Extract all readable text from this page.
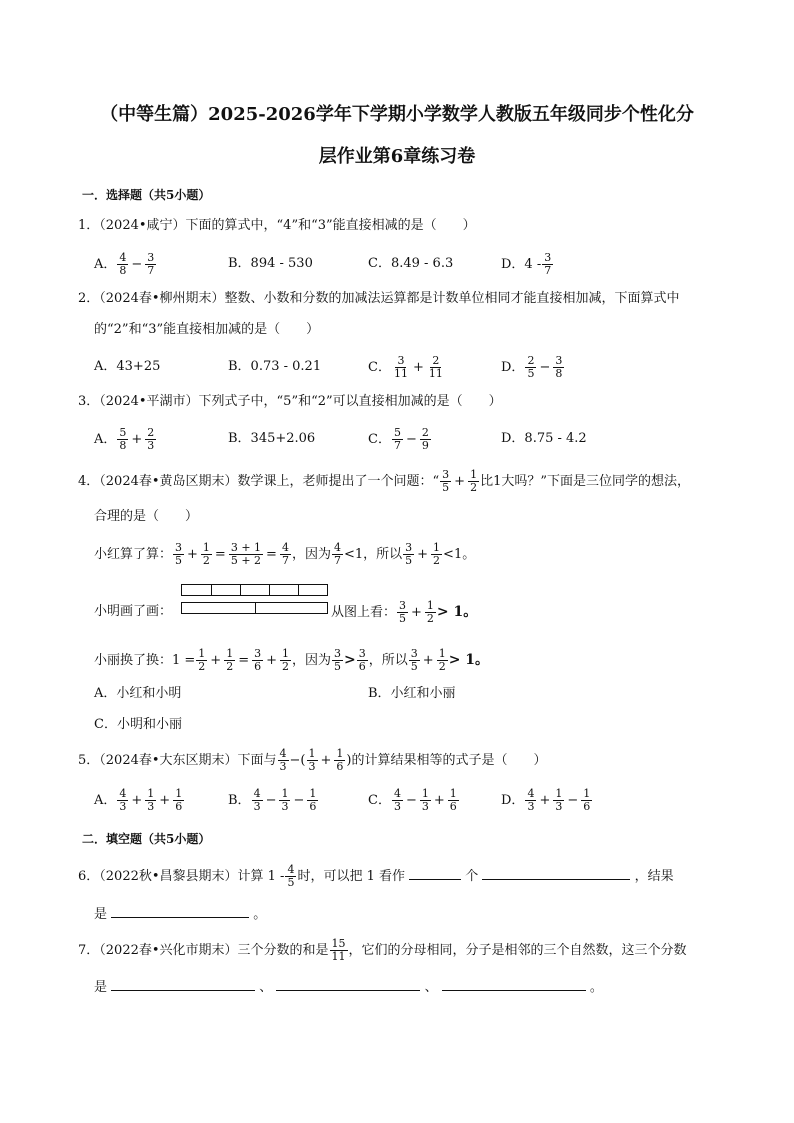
（中等生篇）2025-2026学年下学期小学数学人教版五年级同步个性化分
层作业第6章练习卷
一．选择题（共5小题）
1．（2024•咸宁）下面的算式中，“4”和“3”能直接相减的是（　　）
A． $\frac{4}{8} - \frac{3}{7}$	B．894 - 530	C．8.49 - 6.3	D．$4 - \frac{3}{7}$
2．（2024春•柳州期末）整数、小数和分数的加减法运算都是计数单位相同才能直接相加减，下面算式中
的“2”和“3”能直接相加减的是（　　）
A．43+25	B．0.73 - 0.21	C． $\frac{3}{11} + \frac{2}{11}$	D． $\frac{2}{5} - \frac{3}{8}$
3．（2024•平湖市）下列式子中，“5”和“2”可以直接相加减的是（　　）
A． $\frac{5}{8} + \frac{2}{3}$	B．345+2.06	C． $\frac{5}{7} - \frac{2}{9}$	D．8.75 - 4.2
4．（2024春•黄岛区期末）数学课上，老师提出了一个问题：“ $\frac{3}{5} + \frac{1}{2}$ 比1大吗？”下面是三位同学的想法，
合理的是（　　）
小红算了算： $\frac{3}{5} + \frac{1}{2} = \frac{3 + 1}{5 + 2} = \frac{4}{7}$ ，因为 $\frac{4}{7} <1$，所以 $\frac{3}{5} + \frac{1}{2} <1$。
小明画了画：	从图上看： $\frac{3}{5} + \frac{1}{2} > 1$。
小丽换了换：$1 = \frac{1}{2} + \frac{1}{2} = \frac{3}{6} + \frac{1}{2}$ ，因为 $\frac{3}{5} > \frac{3}{6}$ ，所以 $\frac{3}{5} + \frac{1}{2} > 1$。
A．小红和小明	B．小红和小丽
C．小明和小丽
5．（2024春•大东区期末）下面与 $\frac{4}{3}$ −( $\frac{1}{3} + \frac{1}{6}$ )的计算结果相等的式子是（　　）
A． $\frac{4}{3} + \frac{1}{3} + \frac{1}{6}$	B． $\frac{4}{3} - \frac{1}{3} - \frac{1}{6}$	C． $\frac{4}{3} - \frac{1}{3} + \frac{1}{6}$	D． $\frac{4}{3} + \frac{1}{3} - \frac{1}{6}$
二．填空题（共5小题）
6．（2022秋•昌黎县期末）计算 $1 - \frac{4}{5}$ 时，可以把 1 看作	个	，结果
是	。
7．（2022春•兴化市期末）三个分数的和是 $\frac{15}{11}$ ，它们的分母相同，分子是相邻的三个自然数，这三个分数
是	、	、	。
